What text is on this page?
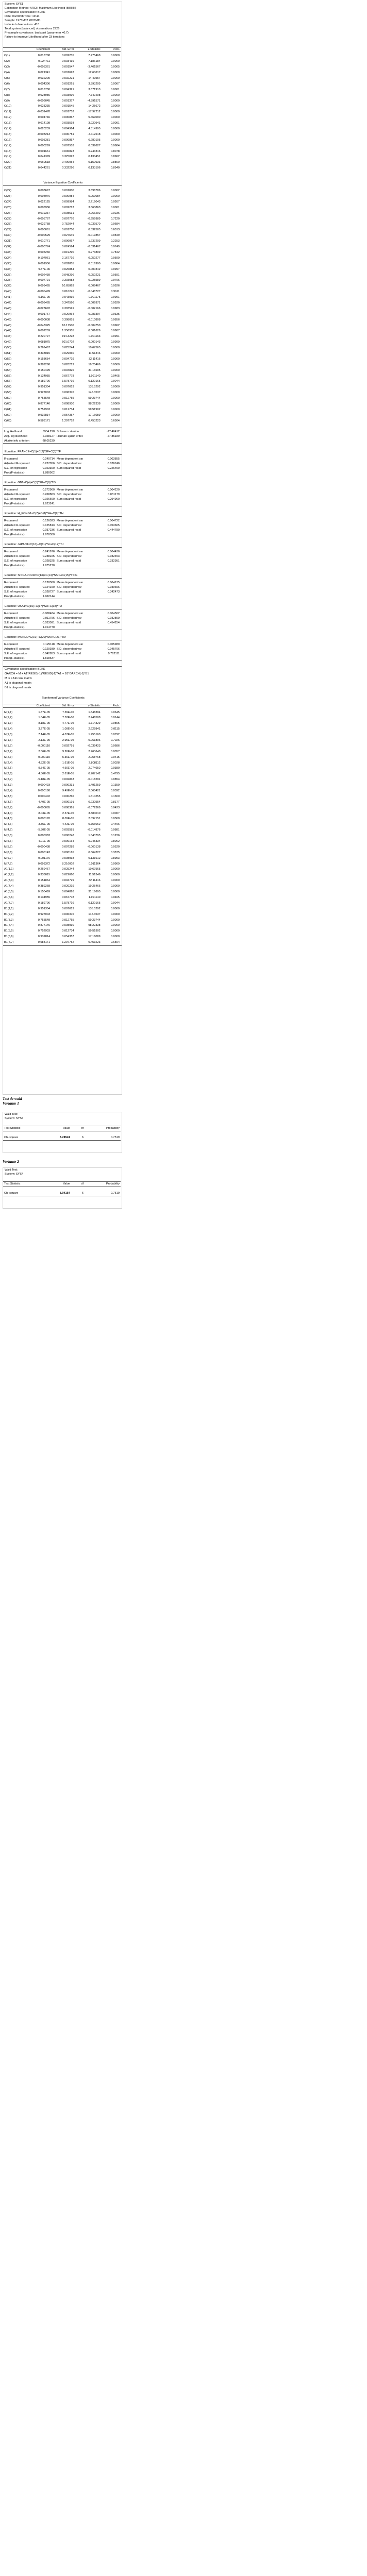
System: SYS1
Estimation Method: ARCH Maximum Likelihood (BHHH)
Covariance specification: BEKK
Date: 04/20/08 Time: 19:44
Sample: 1973M02 2007M11
Included observations: 418
Total system (balanced) observations 2926
Presample covariance: backcast (parameter =0.7)
Failure to improve Likelihood after 23 iterations
	Coefficient	Std. Error	z-Statistic	Prob.

C(1)	0.016708	0.002235	7.475468	0.0000
C(2)	0.024711	0.003439	7.186184	0.0000
C(3)	-0.005361	0.001547	-3.461567	0.0005
C(4)	0.021341	0.001693	12.60617	0.0000
C(5)	-0.032200	0.002221	-14.49557	0.0000
C(6)	0.004306	0.001261	3.393209	0.0007
C(7)	0.016730	0.004321	3.871913	0.0001
C(8)	0.023986	0.003096	7.747208	0.0000
C(9)	-0.006045	0.001377	-4.391571	0.0000
C(10)	0.023235	0.001545	14.25672	0.0000
C(11)	-0.031478	0.001752	-17.97212	0.0000
C(12)	0.004746	0.000867	5.469090	0.0000
C(13)	0.014108	0.003593	3.920941	0.0001
C(14)	0.020239	0.004964	4.314995	0.0000
C(15)	-0.003213	0.000781	-4.112618	0.0000
C(16)	0.005381	0.000857	6.280105	0.0000
C(17)	0.000299	0.007553	0.039627	0.9684
C(18)	0.001661	0.006823	0.243316	0.8078
C(19)	0.041399	0.325022	0.130451	0.8962
C(20)	-0.060518	0.400054	-0.150933	0.8800
C(21)	0.044261	0.332296	0.133196	0.8940
Variance Equation Coefficients
C(22)	0.003697	0.001000	3.696786	0.0002
C(23)	0.004976	0.000984	5.059084	0.0000
C(24)	0.022125	0.009984	2.216043	0.0267
C(25)	0.006936	0.002213	3.863863	0.0001
C(26)	0.019337	0.008531	2.266292	0.0236
C(27)	-0.005767	0.007776	-0.959989	0.7220
C(28)	-0.029758	0.752044	-0.039570	0.9684
C(29)	0.000061	0.001706	0.532585	0.6013
C(30)	-0.000529	0.027649	-0.019857	0.9849
C(31)	0.010771	0.006067	1.237209	0.2253
C(32)	-0.000774	0.024594	-0.031467	0.9749
C(33)	0.005260	0.019290	0.273809	0.7842
C(34)	0.107961	2.167716	0.050277	0.9599
C(35)	0.001956	0.002855	0.016990	0.9864
C(36)	9.87E-06	0.026884	0.000342	0.9997
C(37)	0.002439	0.048296	0.050221	0.9591
C(38)	0.007791	0.303083	0.025589	0.9796
C(39)	0.099465	10.65863	0.009467	0.9926
C(40)	-0.000499	0.010245	-0.048727	0.9611
C(41)	-5.16E-05	0.043936	-0.001175	0.9991
C(42)	-0.003465	0.347596	-0.009971	0.9920
C(43)	-0.023692	9.393591	-0.002166	0.9983
C(44)	-0.001767	0.020964	-0.083397	0.9335
C(45)	-0.000038	0.308051	-0.010808	0.9856
C(46)	-0.048325	10.17506	-0.004750	0.9962
C(47)	0.002209	1.356955	0.001629	0.9987
C(48)	0.220797	194.3228	0.001163	0.9991
C(49)	0.081075	501.0702	0.000143	0.9999
C(50)	0.269467	0.025244	10.67565	0.0000
C(51)	0.333015	0.029060	11.51346	0.0000
C(52)	0.153654	0.004729	32.11416	0.0000
C(53)	0.389268	0.020219	19.25466	0.0000
C(54)	0.150499	0.004826	31.16695	0.0000
C(55)	0.134955	0.067778	1.991140	0.0465
C(56)	0.189706	1.578716	0.120165	0.9044
C(57)	0.951304	0.007019	135.5292	0.0000
C(58)	0.927003	0.006376	145.3537	0.0000
C(59)	0.755548	0.012755	59.23744	0.0000
C(60)	0.877146	0.008930	98.22338	0.0000
C(61)	0.752903	0.012734	59.51902	0.0000
C(62)	0.932814	0.054357	17.16089	0.0000
C(63)	0.588171	1.297752	0.453223	0.6504
Log likelihood	5934.298	Schwarz criterion	-27.46412
Avg. log likelihood	2.028127	Hannan-Quinn criter.	-27.85189
Akaike info criterion	-28.05239		
Equation: FRANCE=C(1)+C(2)*SF+C(3)*TF
R-squared	0.240714	Mean dependent var	0.003855
Adjusted R-squared	0.237056	S.D. dependent var	0.026746
S.E. of regression	0.023360	Sum squared resid	0.226450
Prob(F-statistic)	1.880902		
Equation: GB1=C(4)+C(5)*SG+C(6)*TG
R-squared	0.272960	Mean dependent var	0.004220
Adjusted R-squared	0.268863	S.D. dependent var	0.031179
S.E. of regression	0.026660	Sum squared resid	0.294960
Prob(F-statistic)	1.923241		
Equation: H_KONG1=C(7)+C(8)*SH+C(9)*TH
R-squared	0.126023	Mean dependent var	0.004722
Adjusted R-squared	0.125813	S.D. dependent var	0.053605
S.E. of regression	0.037236	Sum squared resid	0.444780
Prob(F-statistic)	1.978300		
Equation: JAPAN1=C(10)+C(11)*SJ+C(12)*TJ
R-squared	0.241976	Mean dependent var	0.004436
Adjusted R-squared	0.238225	S.D. dependent var	0.032453
S.E. of regression	0.028325	Sum squared resid	0.332951
Prob(F-statistic)	1.975270		
Equation: SINGAPOUR=C(13)+C(14)*SSIG+C(15)*TSIG
R-squared	0.128360	Mean dependent var	0.004135
Adjusted R-squared	0.124150	S.D. dependent var	0.030696
S.E. of regression	0.028727	Sum squared resid	0.342473
Prob(F-statistic)	1.962144		
Equation: USA1=C(16)+C(17)*SU+C(18)*TU
R-squared	-0.008484	Mean dependent var	0.004502
Adjusted R-squared	-0.011756	S.D. dependent var	0.032899
S.E. of regression	0.033091	Sum squared resid	0.454254
Prob(F-statistic)	1.914770		
Equation: MONDE=C(19)+C(20)*SM+C(21)*TM
R-squared	0.125118	Mean dependent var	0.005980
Adjusted R-squared	0.120939	S.D. dependent var	0.045706
S.E. of regression	0.042853	Sum squared resid	0.762111
Prob(F-statistic)	1.818637		
Covariance specification: BEKK
GARCH = M + A1*RESID(-1)*RESID(-1)'*A1 + B1*GARCH(-1)*B1
M is a full rank matrix
A1 is diagonal matrix
B1 is diagonal matrix
Tranformed Variance Coefficients
	Coefficient	Std. Error	z-Statistic	Prob.

M(1,1)	1.37E-05	7.39E-06	1.848394	0.0645
M(1,2)	1.84E-05	7.52E-06	2.446508	0.0144
M(1,3)	8.18E-05	4.77E-05	1.714329	0.0865
M(1,4)	3.27E-05	1.09E-05	2.625841	0.0115
M(1,5)	7.14E-05	4.07E-05	1.755160	0.0792
M(1,6)	-2.13E-05	2.95E-05	-0.061806	0.7026
M(1,7)	-0.000110	0.002791	-0.039423	0.9686
M(2,2)	2.56E-05	9.26E-06	2.763640	0.0057
M(2,3)	0.000110	5.36E-05	2.058768	0.0415
M(2,4)	4.52E-05	1.61E-05	2.808112	0.0028
M(2,5)	9.54E-05	4.60E-05	2.074650	0.0380
M(2,6)	4.56E-05	2.61E-05	0.707142	0.4795
M(2,7)	-5.18E-05	0.002833	-0.018291	0.9854
M(3,3)	0.000493	0.000331	1.491259	0.1359
M(3,4)	0.000180	9.49E-05	2.065421	0.0392
M(3,5)	0.000402	0.000266	1.514255	0.1300
M(3,6)	4.40E-05	0.000191	0.230554	0.8177
M(3,7)	-0.000065	0.008361	-0.072369	0.9423
M(4,4)	8.03E-05	2.37E-05	3.384010	0.0007
M(4,5)	0.000170	8.09E-05	2.097151	0.0360
M(4,6)	3.35E-05	4.43E-05	0.756062	0.4496
M(4,7)	-5.30E-05	0.003581	-0.014876	0.9881
M(5,5)	0.000383	0.000248	1.543795	0.1226
M(5,6)	4.01E-05	0.000164	0.245334	0.8062
M(5,7)	-0.000438	0.007289	-0.060138	0.9520
M(6,6)	0.000143	0.000165	0.864227	0.3875
M(6,7)	0.001176	0.008938	0.131612	0.8953
M(7,7)	0.093372	8.216002	0.011364	0.9909
A1(1,1)	0.269467	0.025244	10.67565	0.0000
A1(2,2)	0.333015	0.029060	11.51346	0.0000
A1(3,3)	0.151864	0.004729	32.11416	0.0000
A1(4,4)	0.389268	0.020219	19.25466	0.0000
A1(5,5)	0.150499	0.004826	31.16695	0.0000
A1(6,6)	0.134955	0.067778	1.991140	0.0465
A1(7,7)	0.189706	1.578716	0.120165	0.9044
B1(1,1)	0.951304	0.007019	135.5292	0.0000
B1(2,2)	0.927003	0.006376	145.3537	0.0000
B1(3,3)	0.755548	0.012755	59.23744	0.0000
B1(4,4)	0.877146	0.008930	98.22338	0.0000
B1(5,5)	0.752903	0.012734	59.51902	0.0000
B1(6,6)	0.932814	0.054357	17.16089	0.0000
B1(7,7)	0.588171	1.297752	0.453223	0.6504
Test de wald
Variante 1
Wald Test:
System: SYS4
Test Statistic	Value	df	Probability

Chi-square	3.74541	6	0.7519

Variante 2
Wald Test:
System: SYS4
Test Statistic	Value	df	Probability

Chi-square	8.94154	6	0.7519
